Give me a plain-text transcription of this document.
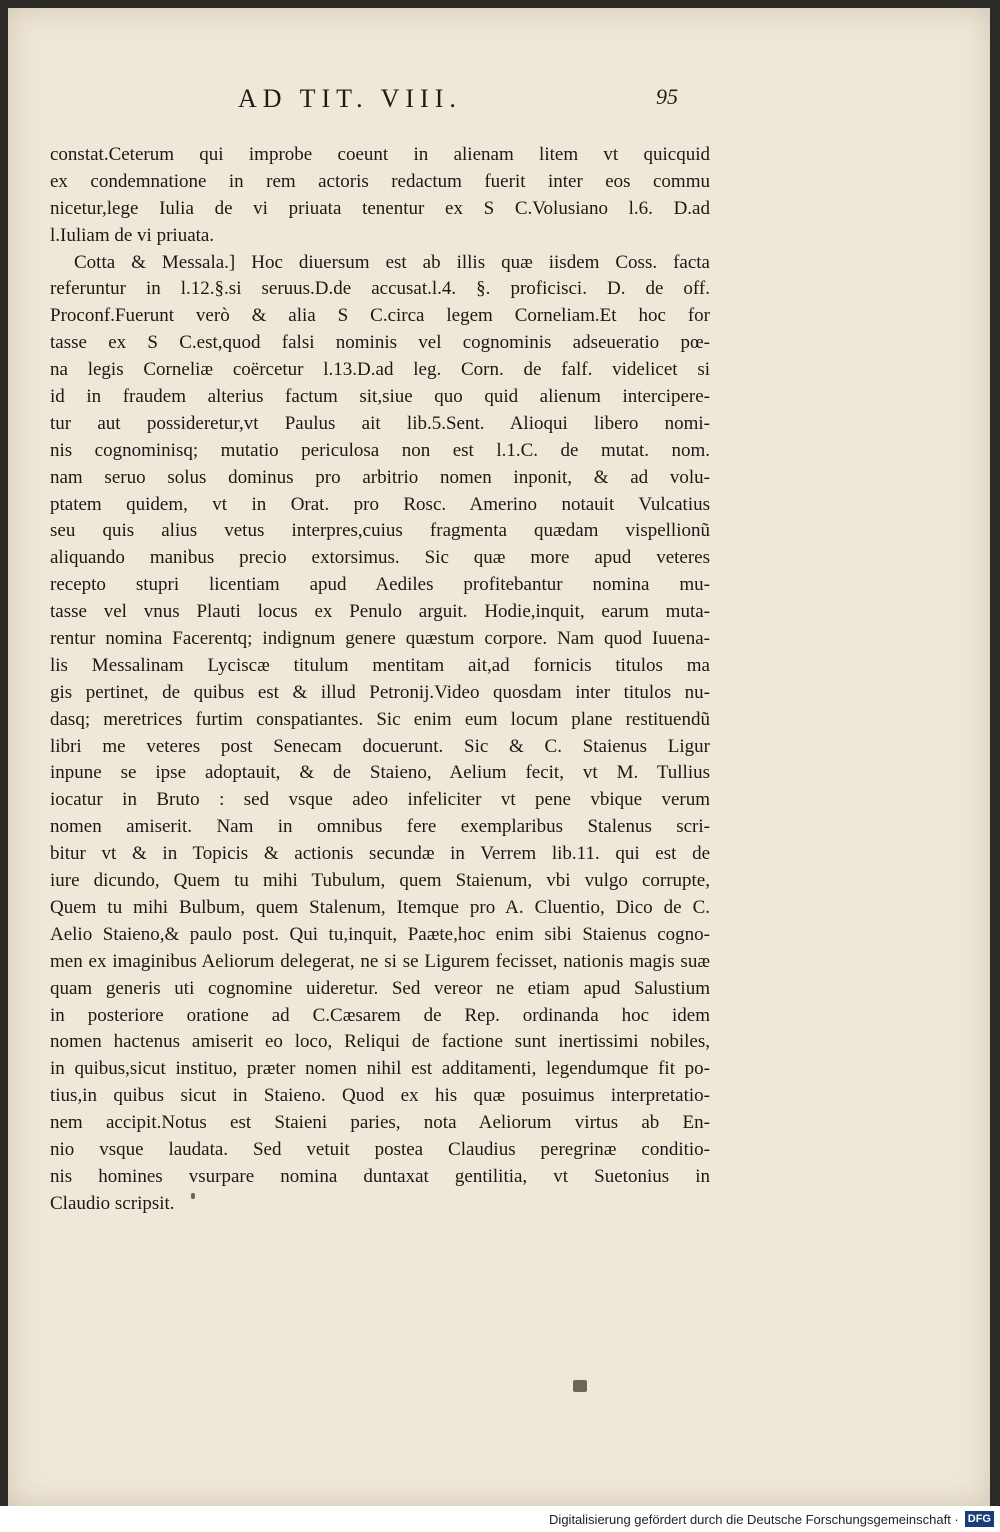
AD TIT. VIII.	95
constat.Ceterum qui improbe coeunt in alienam litem vt quicquid
ex condemnatione in rem actoris redactum fuerit inter eos commu
nicetur,lege Iulia de vi priuata tenentur ex S C.Volusiano l.6. D.ad
l.Iuliam de vi priuata.
Cotta & Messala.] Hoc diuersum est ab illis quæ iisdem Coss. facta
referuntur in l.12.§.si seruus.D.de accusat.l.4. §. proficisci. D. de off.
Proconf.Fuerunt verò & alia S C.circa legem Corneliam.Et hoc for
tasse ex S C.est,quod falsi nominis vel cognominis adseueratio pœ-
na legis Corneliæ coërcetur l.13.D.ad leg. Corn. de falf. videlicet si
id in fraudem alterius factum sit,siue quo quid alienum intercipere-
tur aut possideretur,vt Paulus ait lib.5.Sent. Alioqui libero nomi-
nis cognominisq; mutatio periculosa non est l.1.C. de mutat. nom.
nam seruo solus dominus pro arbitrio nomen inponit, & ad volu-
ptatem quidem, vt in Orat. pro Rosc. Amerino notauit Vulcatius
seu quis alius vetus interpres,cuius fragmenta quædam vispellionũ
aliquando manibus precio extorsimus. Sic quæ more apud veteres
recepto stupri licentiam apud Aediles profitebantur nomina mu-
tasse vel vnus Plauti locus ex Penulo arguit. Hodie,inquit, earum muta-
rentur nomina Facerentq; indignum genere quæstum corpore. Nam quod Iuuena-
lis Messalinam Lyciscæ titulum mentitam ait,ad fornicis titulos ma
gis pertinet, de quibus est & illud Petronij.Video quosdam inter titulos nu-
dasq; meretrices furtim conspatiantes. Sic enim eum locum plane restituendũ
libri me veteres post Senecam docuerunt. Sic & C. Staienus Ligur
inpune se ipse adoptauit, & de Staieno, Aelium fecit, vt M. Tullius
iocatur in Bruto : sed vsque adeo infeliciter vt pene vbique verum
nomen amiserit. Nam in omnibus fere exemplaribus Stalenus scri-
bitur vt & in Topicis & actionis secundæ in Verrem lib.11. qui est de
iure dicundo, Quem tu mihi Tubulum, quem Staienum, vbi vulgo corrupte,
Quem tu mihi Bulbum, quem Stalenum, Itemque pro A. Cluentio, Dico de C.
Aelio Staieno,& paulo post. Qui tu,inquit, Paæte,hoc enim sibi Staienus cogno-
men ex imaginibus Aeliorum delegerat, ne si se Ligurem fecisset, nationis magis suæ
quam generis uti cognomine uideretur. Sed vereor ne etiam apud Salustium
in posteriore oratione ad C.Cæsarem de Rep. ordinanda hoc idem
nomen hactenus amiserit eo loco, Reliqui de factione sunt inertissimi nobiles,
in quibus,sicut instituo, præter nomen nihil est additamenti, legendumque fit po-
tius,in quibus sicut in Staieno. Quod ex his quæ posuimus interpretatio-
nem accipit.Notus est Staieni paries, nota Aeliorum virtus ab En-
nio vsque laudata. Sed vetuit postea Claudius peregrinæ conditio-
nis homines vsurpare nomina duntaxat gentilitia, vt Suetonius in
Claudio scripsit.
Digitalisierung gefördert durch die Deutsche Forschungsgemeinschaft · DFG
